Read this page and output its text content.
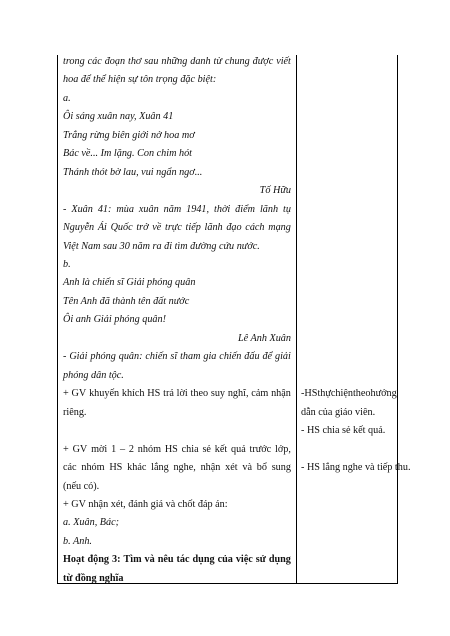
trong các đoạn thơ sau những danh từ chung được viết
hoa để thể hiện sự tôn trọng đặc biệt:
a.
Ôi sáng xuân nay, Xuân 41
Trắng rừng biên giới nở hoa mơ
Bác về... Im lặng. Con chim hót
Thánh thót bờ lau, vui ngẩn ngơ...
Tố Hữu
- Xuân 41: mùa xuân năm 1941, thời điểm lãnh tụ
Nguyễn Ái Quốc trở về trực tiếp lãnh đạo cách mạng
Việt Nam sau 30 năm ra đi tìm đường cứu nước.
b.
Anh là chiến sĩ Giải phóng quân
Tên Anh đã thành tên đất nước
Ôi anh Giải phóng quân!
Lê Anh Xuân
- Giải phóng quân: chiến sĩ tham gia chiến đấu để giải
phóng dân tộc.
+ GV khuyến khích HS trả lời theo suy nghĩ, cảm nhận
riêng.
+ GV mời 1 – 2 nhóm HS chia sẻ kết quả trước lớp,
các nhóm HS khác lắng nghe, nhận xét và bổ sung
(nếu có).
+ GV nhận xét, đánh giá và chốt đáp án:
a. Xuân, Bác;
b. Anh.
Hoạt động 3: Tìm và nêu tác dụng của việc sử dụng
từ đồng nghĩa
- HS thực hiện theo hướng
dẫn của giáo viên.
- HS chia sẻ kết quả.
- HS lắng nghe và tiếp thu.
